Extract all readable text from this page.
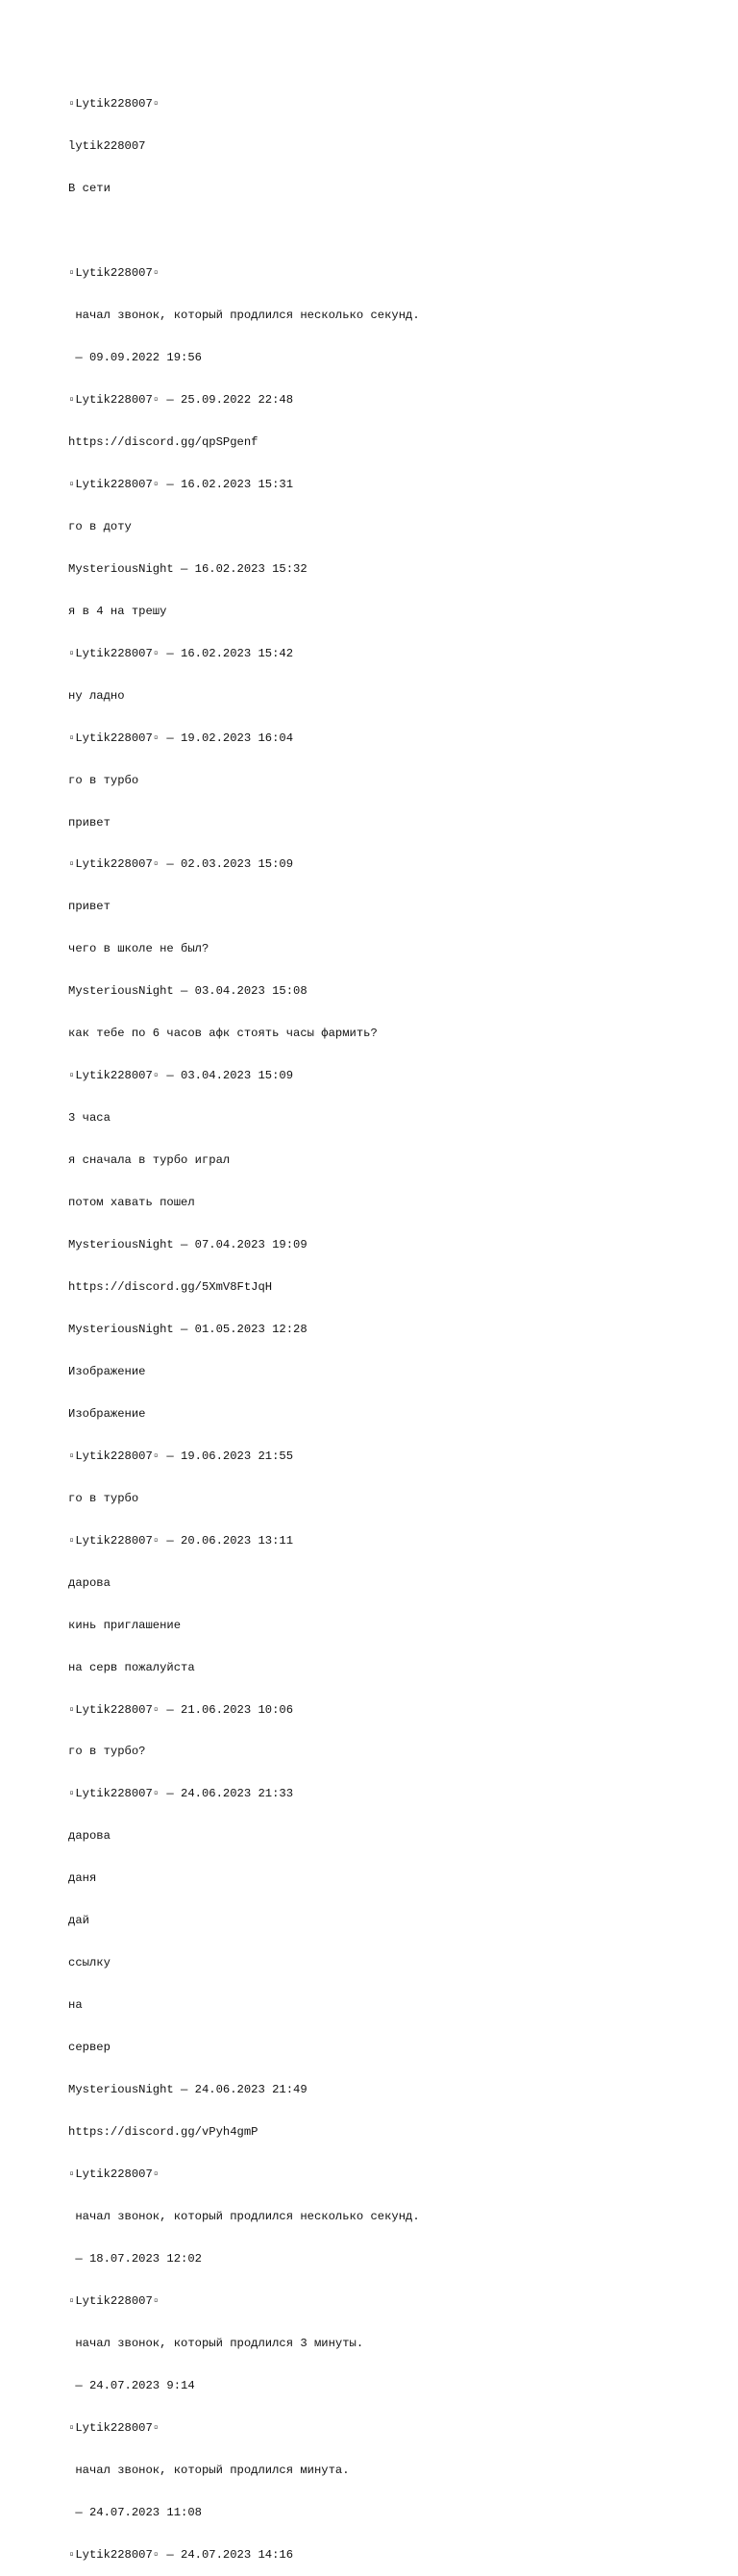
▫Lytik228007▫

lytik228007

В сети

▫Lytik228007▫

начал звонок, который продлился несколько секунд.

— 09.09.2022 19:56

▫Lytik228007▫ — 25.09.2022 22:48

https://discord.gg/qpSPgenf

▫Lytik228007▫ — 16.02.2023 15:31

го в доту

MysteriousNight — 16.02.2023 15:32

я в 4 на трешу

▫Lytik228007▫ — 16.02.2023 15:42

ну ладно

▫Lytik228007▫ — 19.02.2023 16:04

го в турбо

привет

▫Lytik228007▫ — 02.03.2023 15:09

привет

чего в школе не был?

MysteriousNight — 03.04.2023 15:08

как тебе по 6 часов афк стоять часы фармить?

▫Lytik228007▫ — 03.04.2023 15:09

3 часа

я сначала в турбо играл

потом хавать пошел

MysteriousNight — 07.04.2023 19:09

https://discord.gg/5XmV8FtJqH

MysteriousNight — 01.05.2023 12:28

Изображение

Изображение

▫Lytik228007▫ — 19.06.2023 21:55

го в турбо

▫Lytik228007▫ — 20.06.2023 13:11

дарова

кинь приглашение

на серв пожалуйста

▫Lytik228007▫ — 21.06.2023 10:06

го в турбо?

▫Lytik228007▫ — 24.06.2023 21:33

дарова

даня

дай

ссылку

на

сервер

MysteriousNight — 24.06.2023 21:49

https://discord.gg/vPyh4gmP

▫Lytik228007▫

начал звонок, который продлился несколько секунд.

— 18.07.2023 12:02

▫Lytik228007▫

начал звонок, который продлился 3 минуты.

— 24.07.2023 9:14

▫Lytik228007▫

начал звонок, который продлился минута.

— 24.07.2023 11:08

▫Lytik228007▫ — 24.07.2023 14:16
